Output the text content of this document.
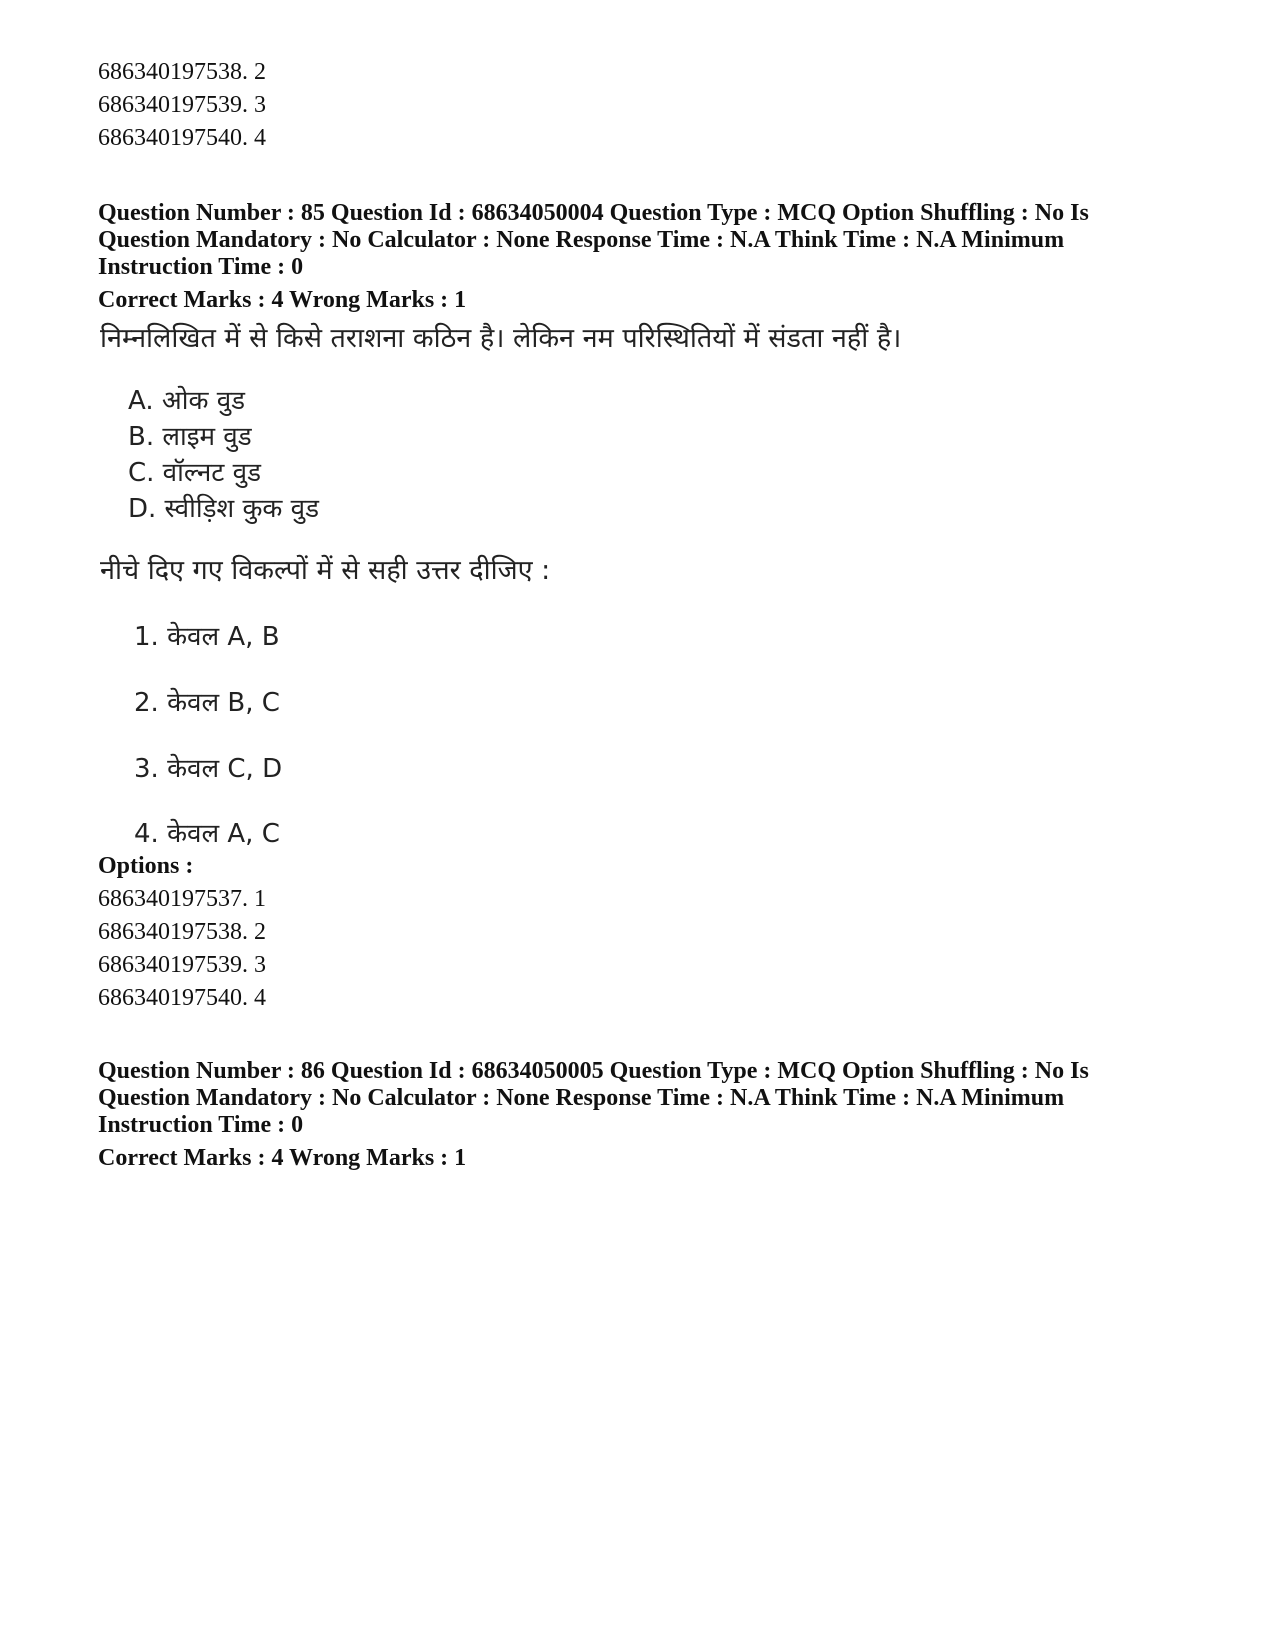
686340197538. 2
686340197539. 3
686340197540. 4
Question Number : 85 Question Id : 68634050004 Question Type : MCQ Option Shuffling : No Is
Question Mandatory : No Calculator : None Response Time : N.A Think Time : N.A Minimum
Instruction Time : 0
Correct Marks : 4 Wrong Marks : 1
निम्नलिखित में से किसे तराशना कठिन है। लेकिन नम परिस्थितियों में संडता नहीं है।
A. ओक वुड
B. लाइम वुड
C. वॉल्नट वुड
D. स्वीड़िश कुक वुड
नीचे दिए गए विकल्पों में से सही उत्तर दीजिए :
1. केवल A, B
2. केवल B, C
3. केवल C, D
4. केवल A, C
Options :
686340197537. 1
686340197538. 2
686340197539. 3
686340197540. 4
Question Number : 86 Question Id : 68634050005 Question Type : MCQ Option Shuffling : No Is
Question Mandatory : No Calculator : None Response Time : N.A Think Time : N.A Minimum
Instruction Time : 0
Correct Marks : 4 Wrong Marks : 1
